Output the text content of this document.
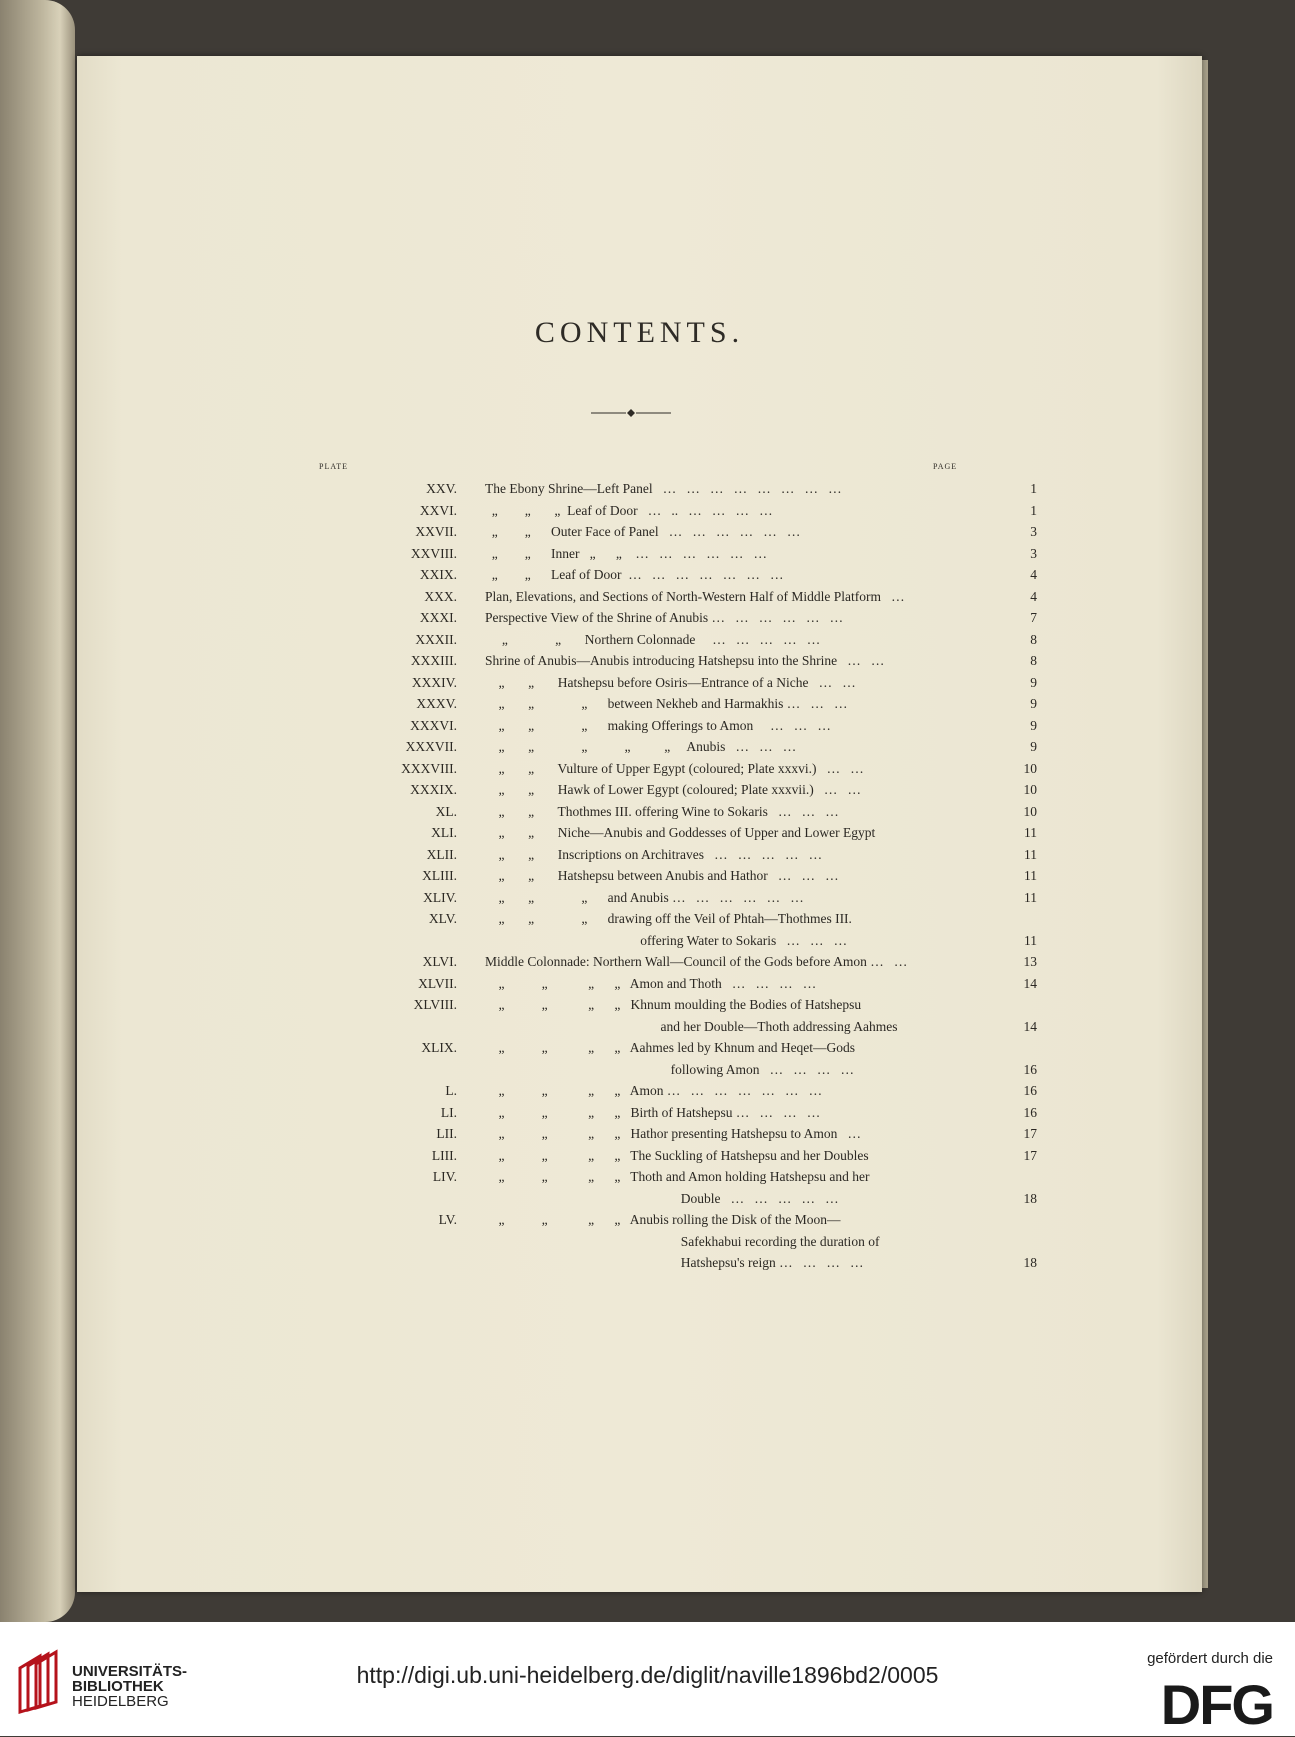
CONTENTS.
PLATE	PAGE
XXV. The Ebony Shrine—Left Panel   …   …   …   …   …   …   …   …	1
XXVI. „        „       „  Leaf of Door   …   ..   …   …   …   …	1
XXVII. „        „      Outer Face of Panel   …   …   …   …   …   …	3
XXVIII. „        „      Inner   „      „    …   …   …   …   …   …	3
XXIX. „        „      Leaf of Door  …   …   …   …   …   …   …	4
XXX. Plan, Elevations, and Sections of North-Western Half of Middle Platform   …	4
XXXI. Perspective View of the Shrine of Anubis …   …   …   …   …   …	7
XXXII. „              „       Northern Colonnade     …   …   …   …   …	8
XXXIII. Shrine of Anubis—Anubis introducing Hatshepsu into the Shrine   …   …	8
XXXIV. „       „       Hatshepsu before Osiris—Entrance of a Niche   …   …	9
XXXV. „       „              „      between Nekheb and Harmakhis …   …   …	9
XXXVI. „       „              „      making Offerings to Amon     …   …   …	9
XXXVII. „       „              „           „          „     Anubis   …   …   …	9
XXXVIII. „       „       Vulture of Upper Egypt (coloured; Plate xxxvi.)   …   …	10
XXXIX. „       „       Hawk of Lower Egypt (coloured; Plate xxxvii.)   …   …	10
XL. „       „       Thothmes III. offering Wine to Sokaris   …   …   …	10
XLI. „       „       Niche—Anubis and Goddesses of Upper and Lower Egypt	11
XLII. „       „       Inscriptions on Architraves   …   …   …   …   …	11
XLIII. „       „       Hatshepsu between Anubis and Hathor   …   …   …	11
XLIV. „       „              „      and Anubis …   …   …   …   …   …	11
XLV. „       „              „      drawing off the Veil of Phtah—Thothmes III.
offering Water to Sokaris   …   …   …	11
XLVI. Middle Colonnade: Northern Wall—Council of the Gods before Amon …   …	13
XLVII. „           „            „      „   Amon and Thoth   …   …   …   …	14
XLVIII. „           „            „      „   Khnum moulding the Bodies of Hatshepsu
and her Double—Thoth addressing Aahmes	14
XLIX. „           „            „      „   Aahmes led by Khnum and Heqet—Gods
following Amon   …   …   …   …	16
L. „           „            „      „   Amon …   …   …   …   …   …   …	16
LI. „           „            „      „   Birth of Hatshepsu …   …   …   …	16
LII. „           „            „      „   Hathor presenting Hatshepsu to Amon   …	17
LIII. „           „            „      „   The Suckling of Hatshepsu and her Doubles	17
LIV. „           „            „      „   Thoth and Amon holding Hatshepsu and her
Double   …   …   …   …   …	18
LV. „           „            „      „   Anubis rolling the Disk of the Moon—
Safekhabui recording the duration of
Hatshepsu's reign …   …   …   …	18
UNIVERSITÄTS-
BIBLIOTHEK
HEIDELBERG
http://digi.ub.uni-heidelberg.de/diglit/naville1896bd2/0005
gefördert durch die
DFG
